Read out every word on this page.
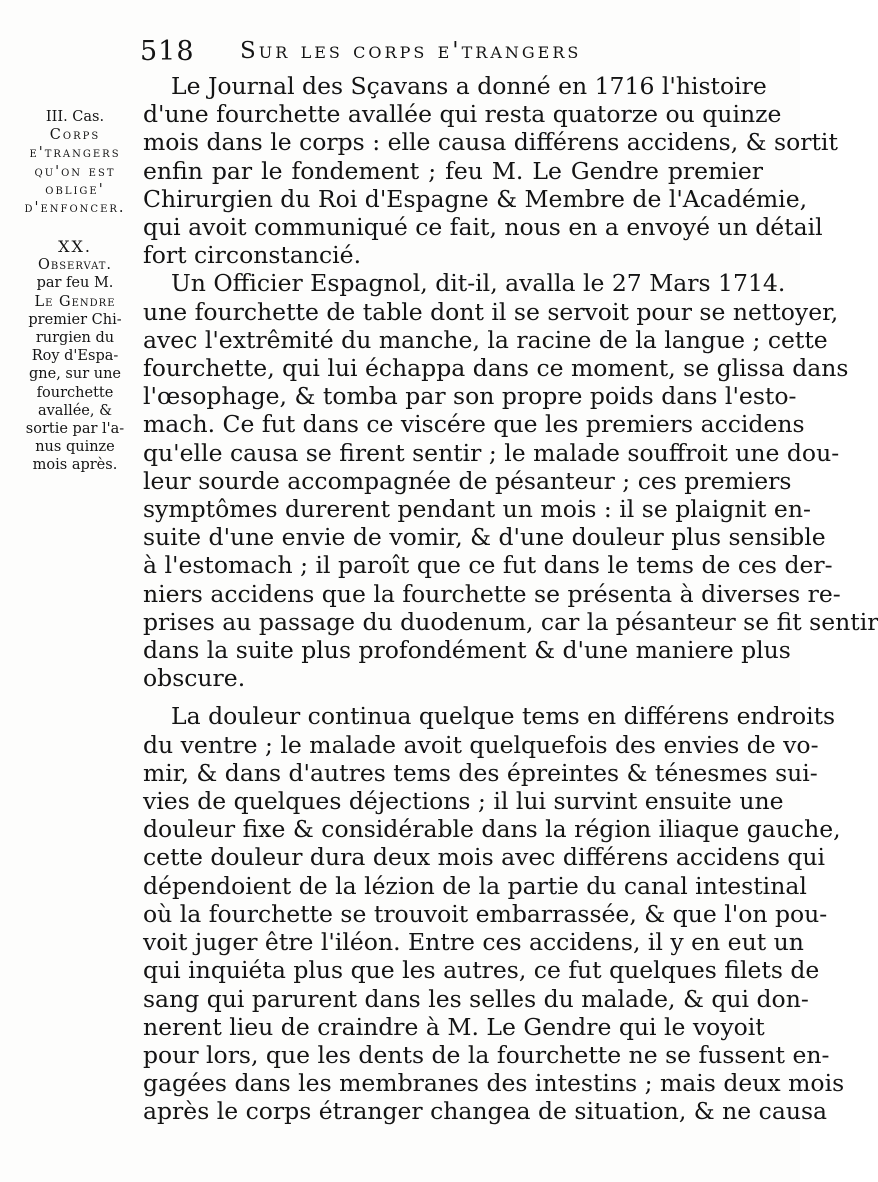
518 Sur les corps e'trangers
III. Cas.
Corps
e'trangers
qu'on est
oblige'
d'enfoncer.
XX.
Observat.
par feu M.
Le Gendre
premier Chi-
rurgien du
Roy d'Espa-
gne, sur une
fourchette
avallée, &
sortie par l'a-
nus quinze
mois après.
Le Journal des Sçavans a donné en 1716 l'histoire
d'une fourchette avallée qui resta quatorze ou quinze
mois dans le corps : elle causa différens accidens, & sortit
enfin par le fondement ; feu M. Le Gendre premier
Chirurgien du Roi d'Espagne & Membre de l'Académie,
qui avoit communiqué ce fait, nous en a envoyé un détail
fort circonstancié.
Un Officier Espagnol, dit-il, avalla le 27 Mars 1714.
une fourchette de table dont il se servoit pour se nettoyer,
avec l'extrêmité du manche, la racine de la langue ; cette
fourchette, qui lui échappa dans ce moment, se glissa dans
l'œsophage, & tomba par son propre poids dans l'esto-
mach. Ce fut dans ce viscére que les premiers accidens
qu'elle causa se firent sentir ; le malade souffroit une dou-
leur sourde accompagnée de pésanteur ; ces premiers
symptômes durerent pendant un mois : il se plaignit en-
suite d'une envie de vomir, & d'une douleur plus sensible
à l'estomach ; il paroît que ce fut dans le tems de ces der-
niers accidens que la fourchette se présenta à diverses re-
prises au passage du duodenum, car la pésanteur se fit sentir
dans la suite plus profondément & d'une maniere plus
obscure.
La douleur continua quelque tems en différens endroits
du ventre ; le malade avoit quelquefois des envies de vo-
mir, & dans d'autres tems des épreintes & ténesmes sui-
vies de quelques déjections ; il lui survint ensuite une
douleur fixe & considérable dans la région iliaque gauche,
cette douleur dura deux mois avec différens accidens qui
dépendoient de la lézion de la partie du canal intestinal
où la fourchette se trouvoit embarrassée, & que l'on pou-
voit juger être l'iléon. Entre ces accidens, il y en eut un
qui inquiéta plus que les autres, ce fut quelques filets de
sang qui parurent dans les selles du malade, & qui don-
nerent lieu de craindre à M. Le Gendre qui le voyoit
pour lors, que les dents de la fourchette ne se fussent en-
gagées dans les membranes des intestins ; mais deux mois
après le corps étranger changea de situation, & ne causa
